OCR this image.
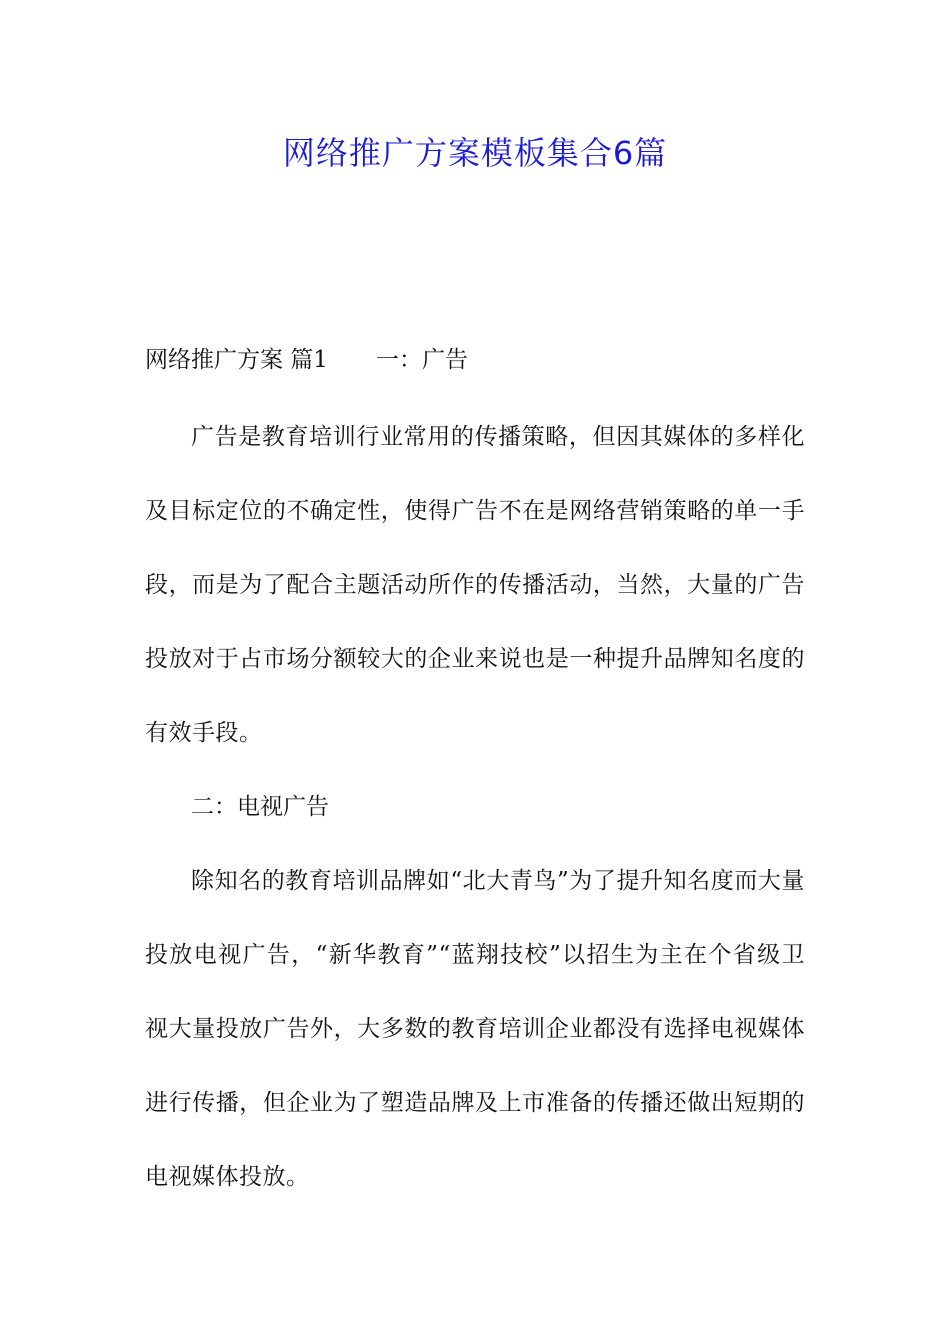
网络推广方案模板集合6篇

网络推广方案 篇1 一：广告

广告是教育培训行业常用的传播策略，但因其媒体的多样化及目标定位的不确定性，使得广告不在是网络营销策略的单一手段，而是为了配合主题活动所作的传播活动，当然，大量的广告投放对于占市场分额较大的企业来说也是一种提升品牌知名度的有效手段。

二：电视广告

除知名的教育培训品牌如“北大青鸟”为了提升知名度而大量投放电视广告，“新华教育”“蓝翔技校”以招生为主在个省级卫视大量投放广告外，大多数的教育培训企业都没有选择电视媒体进行传播，但企业为了塑造品牌及上市准备的传播还做出短期的电视媒体投放。
